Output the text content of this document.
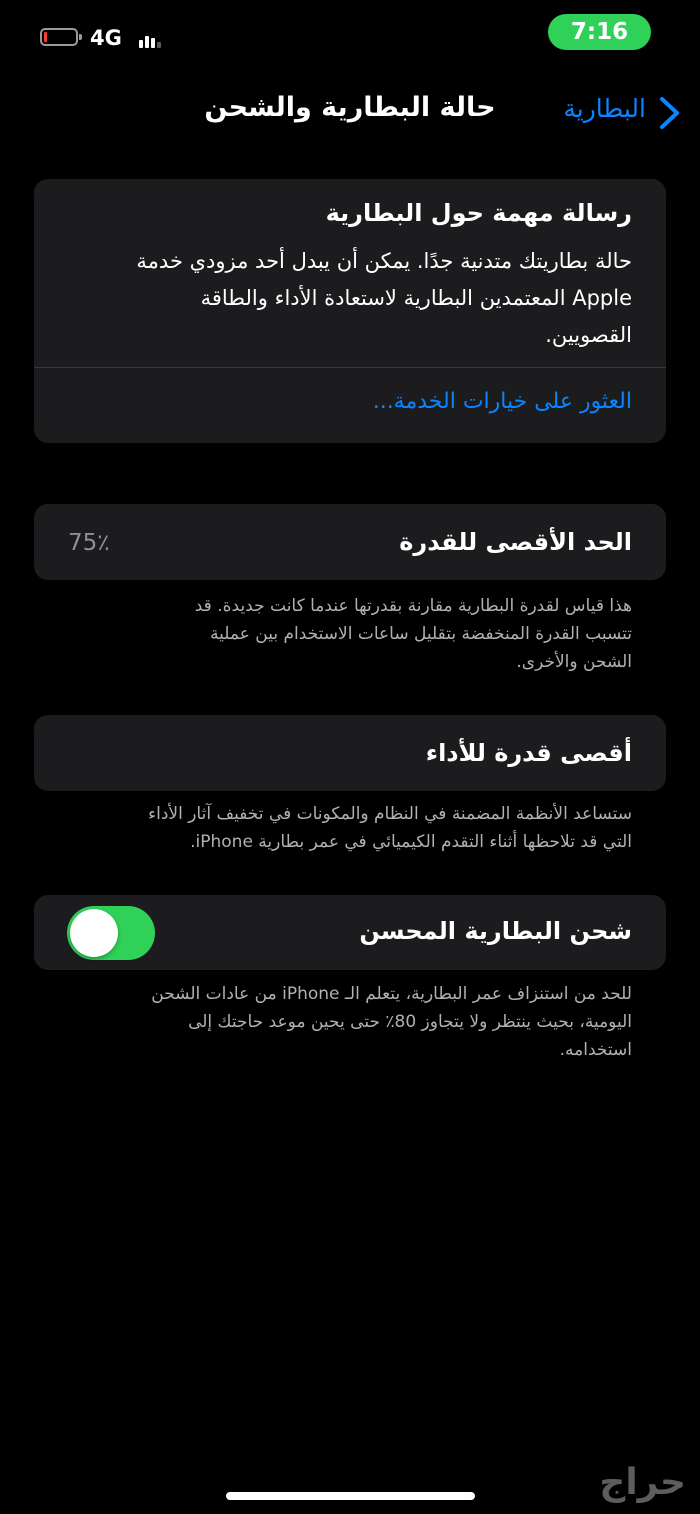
4G	7:16
البطارية
حالة البطارية والشحن
رسالة مهمة حول البطارية
حالة بطاريتك متدنية جدًا. يمكن أن يبدل أحد مزودي خدمة
Apple المعتمدين البطارية لاستعادة الأداء والطاقة
القصويين.
العثور على خيارات الخدمة...
الحد الأقصى للقدرة
75٪
هذا قياس لقدرة البطارية مقارنة بقدرتها عندما كانت جديدة. قد
تتسبب القدرة المنخفضة بتقليل ساعات الاستخدام بين عملية
الشحن والأخرى.
أقصى قدرة للأداء
ستساعد الأنظمة المضمنة في النظام والمكونات في تخفيف آثار الأداء
التي قد تلاحظها أثناء التقدم الكيميائي في عمر بطارية iPhone.
شحن البطارية المحسن
للحد من استنزاف عمر البطارية، يتعلم الـ iPhone من عادات الشحن
اليومية، بحيث ينتظر ولا يتجاوز 80٪ حتى يحين موعد حاجتك إلى
استخدامه.
حراج
